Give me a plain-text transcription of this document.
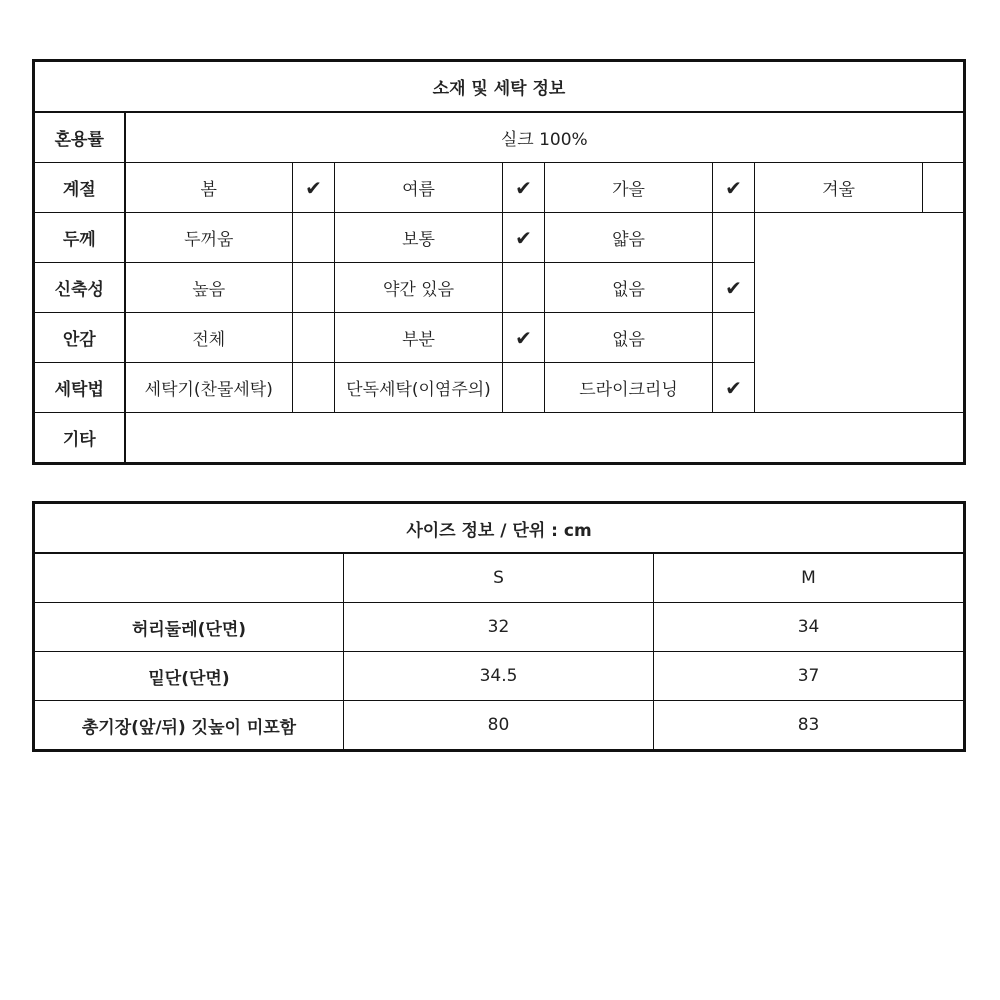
소재 및 세탁 정보								
혼용률	실크 100%							
계절	봄	✔	여름	✔	가을	✔	겨울	
두께	두꺼움		보통	✔	얇음			
신축성	높음		약간 있음		없음	✔		
안감	전체		부분	✔	없음			
세탁법	세탁기(찬물세탁)		단독세탁(이염주의)		드라이크리닝	✔		
기타								
사이즈 정보 / 단위 : cm		
	S	M
허리둘레(단면)	32	34
밑단(단면)	34.5	37
총기장(앞/뒤) 깃높이 미포함	80	83
